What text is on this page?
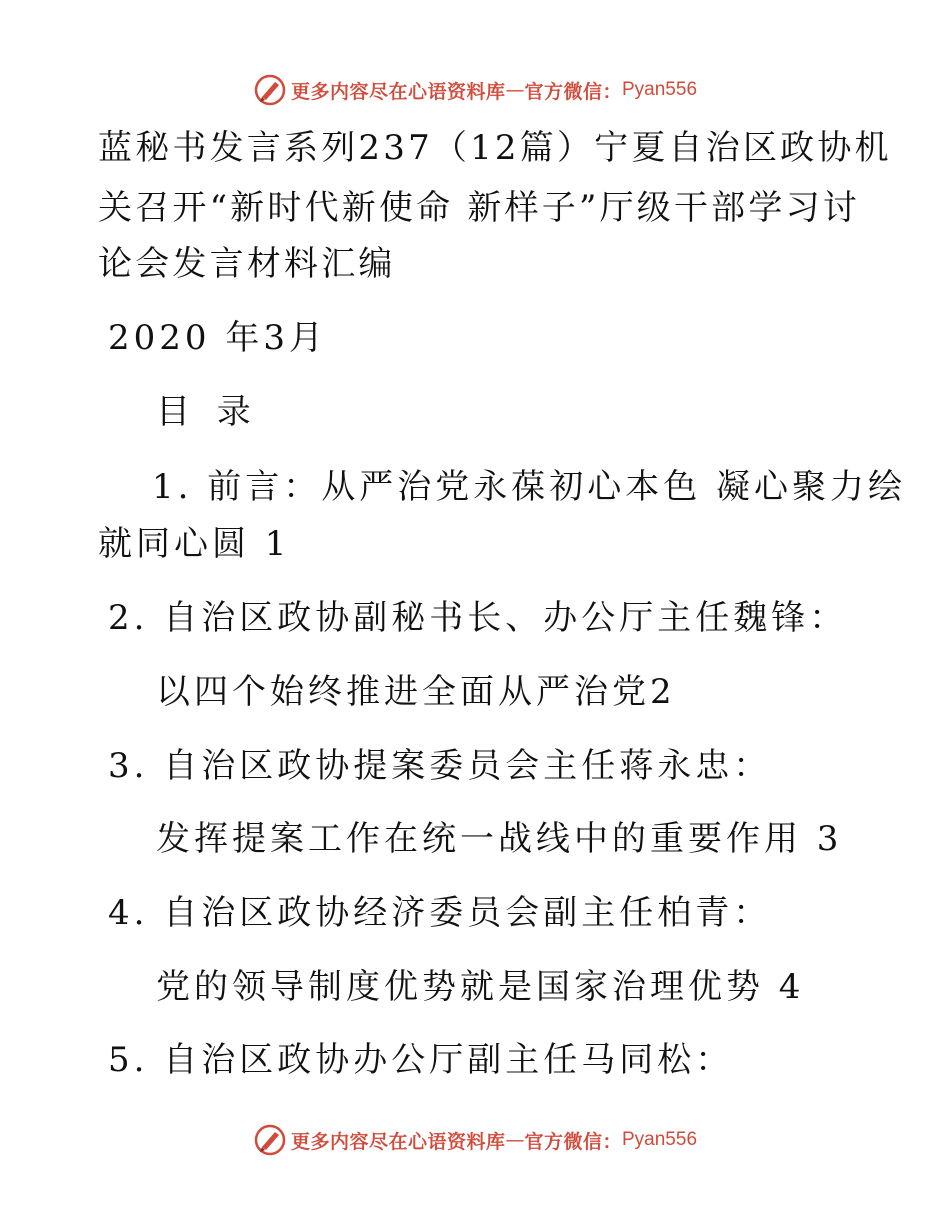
更多内容尽在心语资料库 — 官方微信： Pyan556
蓝秘书发言系列237（12篇）宁夏自治区政协机
关召开“新时代新使命 新样子”厅级干部学习讨
论会发言材料汇编
2020 年3月
目 录
1. 前言：从严治党永葆初心本色 凝心聚力绘
就同心圆 1
2. 自治区政协副秘书长、办公厅主任魏锋：
以四个始终推进全面从严治党2
3. 自治区政协提案委员会主任蒋永忠：
发挥提案工作在统一战线中的重要作用 3
4. 自治区政协经济委员会副主任柏青：
党的领导制度优势就是国家治理优势 4
5. 自治区政协办公厅副主任马同松：
更多内容尽在心语资料库 — 官方微信： Pyan556
